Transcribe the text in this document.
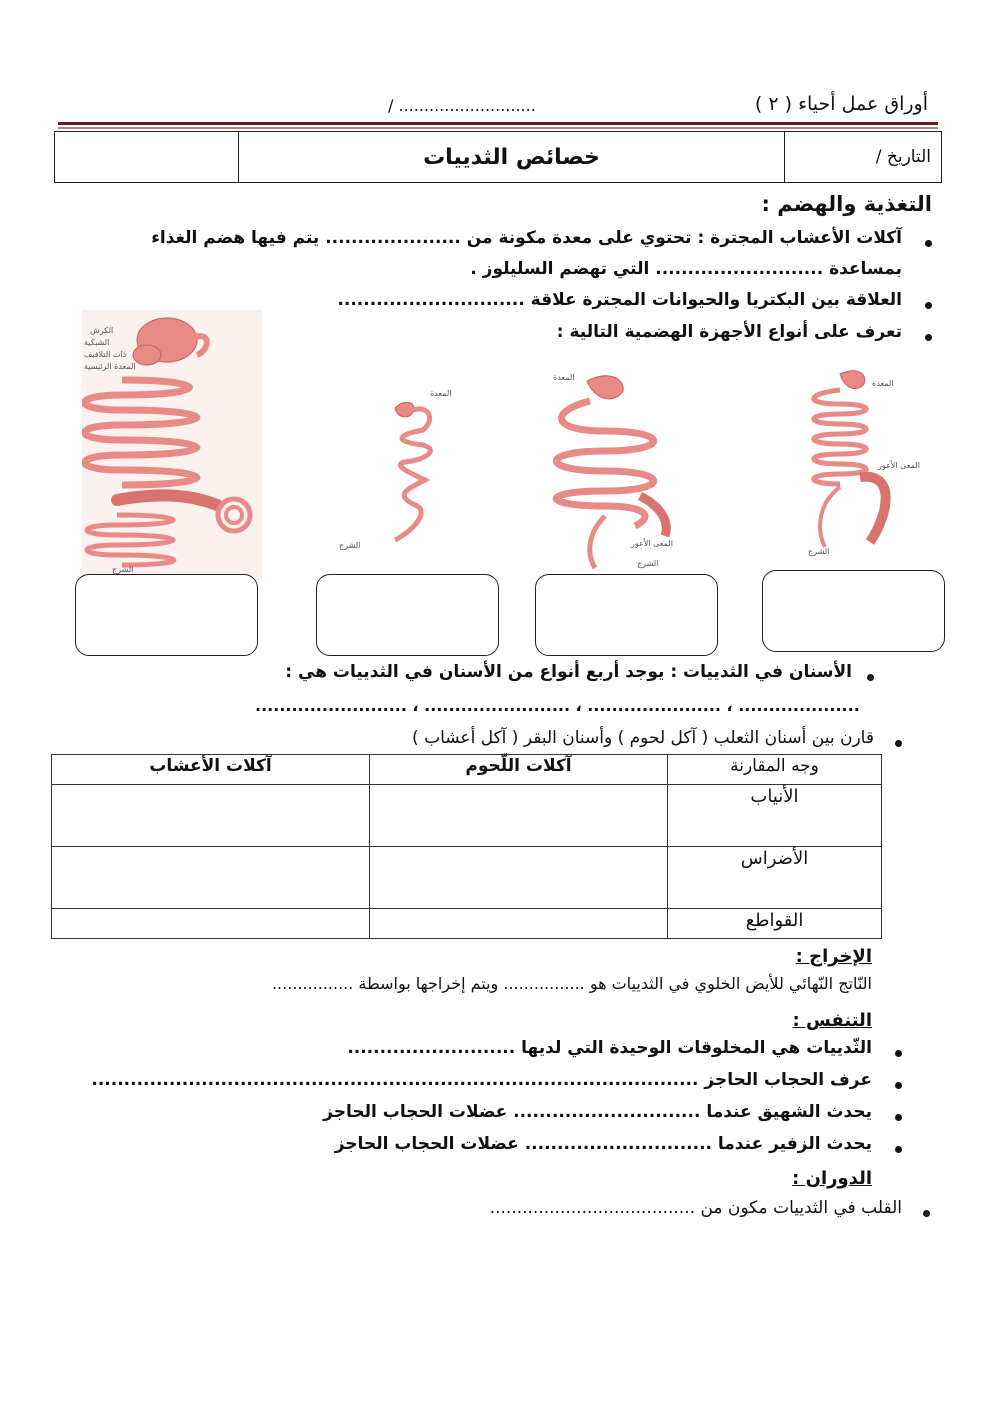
أوراق عمل أحياء ( ٢ )
/ ...........................
	خصائص الثدييات	التاريخ /
التغذية والهضم :
آكلات الأعشاب المجترة : تحتوي على معدة مكونة من ..................... يتم فيها هضم الغذاء
بمساعدة .......................... التي تهضم السليلوز .
العلاقة بين البكتريا والحيوانات المجترة علاقة .............................
تعرف على أنواع الأجهزة الهضمية التالية :
الكرش
الشبكية
ذات التلافيف
المعدة الرئيسية
الشرج
المعدة
الشرج
المعدة
المعى الأعور
الشرج
المعدة
المعى الأعور
الشرج
الأسنان في الثدييات : يوجد أربع أنواع من الأسنان في الثدييات هي :
......................... ، ........................ ، ...................... ، ....................
قارن بين أسنان الثعلب ( آكل لحوم ) وأسنان البقر ( آكل أعشاب )
آكلات الأعشاب	آكلات اللّحوم	وجه المقارنة
		الأنياب
		الأضراس
		القواطع
الإخراج :
النّاتج النّهائي للأيض الخلوي في الثدييات هو ................ ويتم إخراجها بواسطة ................
التنفس :
الثّدييات هي المخلوقات الوحيدة التي لديها ..........................
عرف الحجاب الحاجز ..............................................................................................
يحدث الشهيق عندما ............................. عضلات الحجاب الحاجز
يحدث الزفير عندما ............................. عضلات الحجاب الحاجز
الدوران :
القلب في الثدييات مكون من ......................................
